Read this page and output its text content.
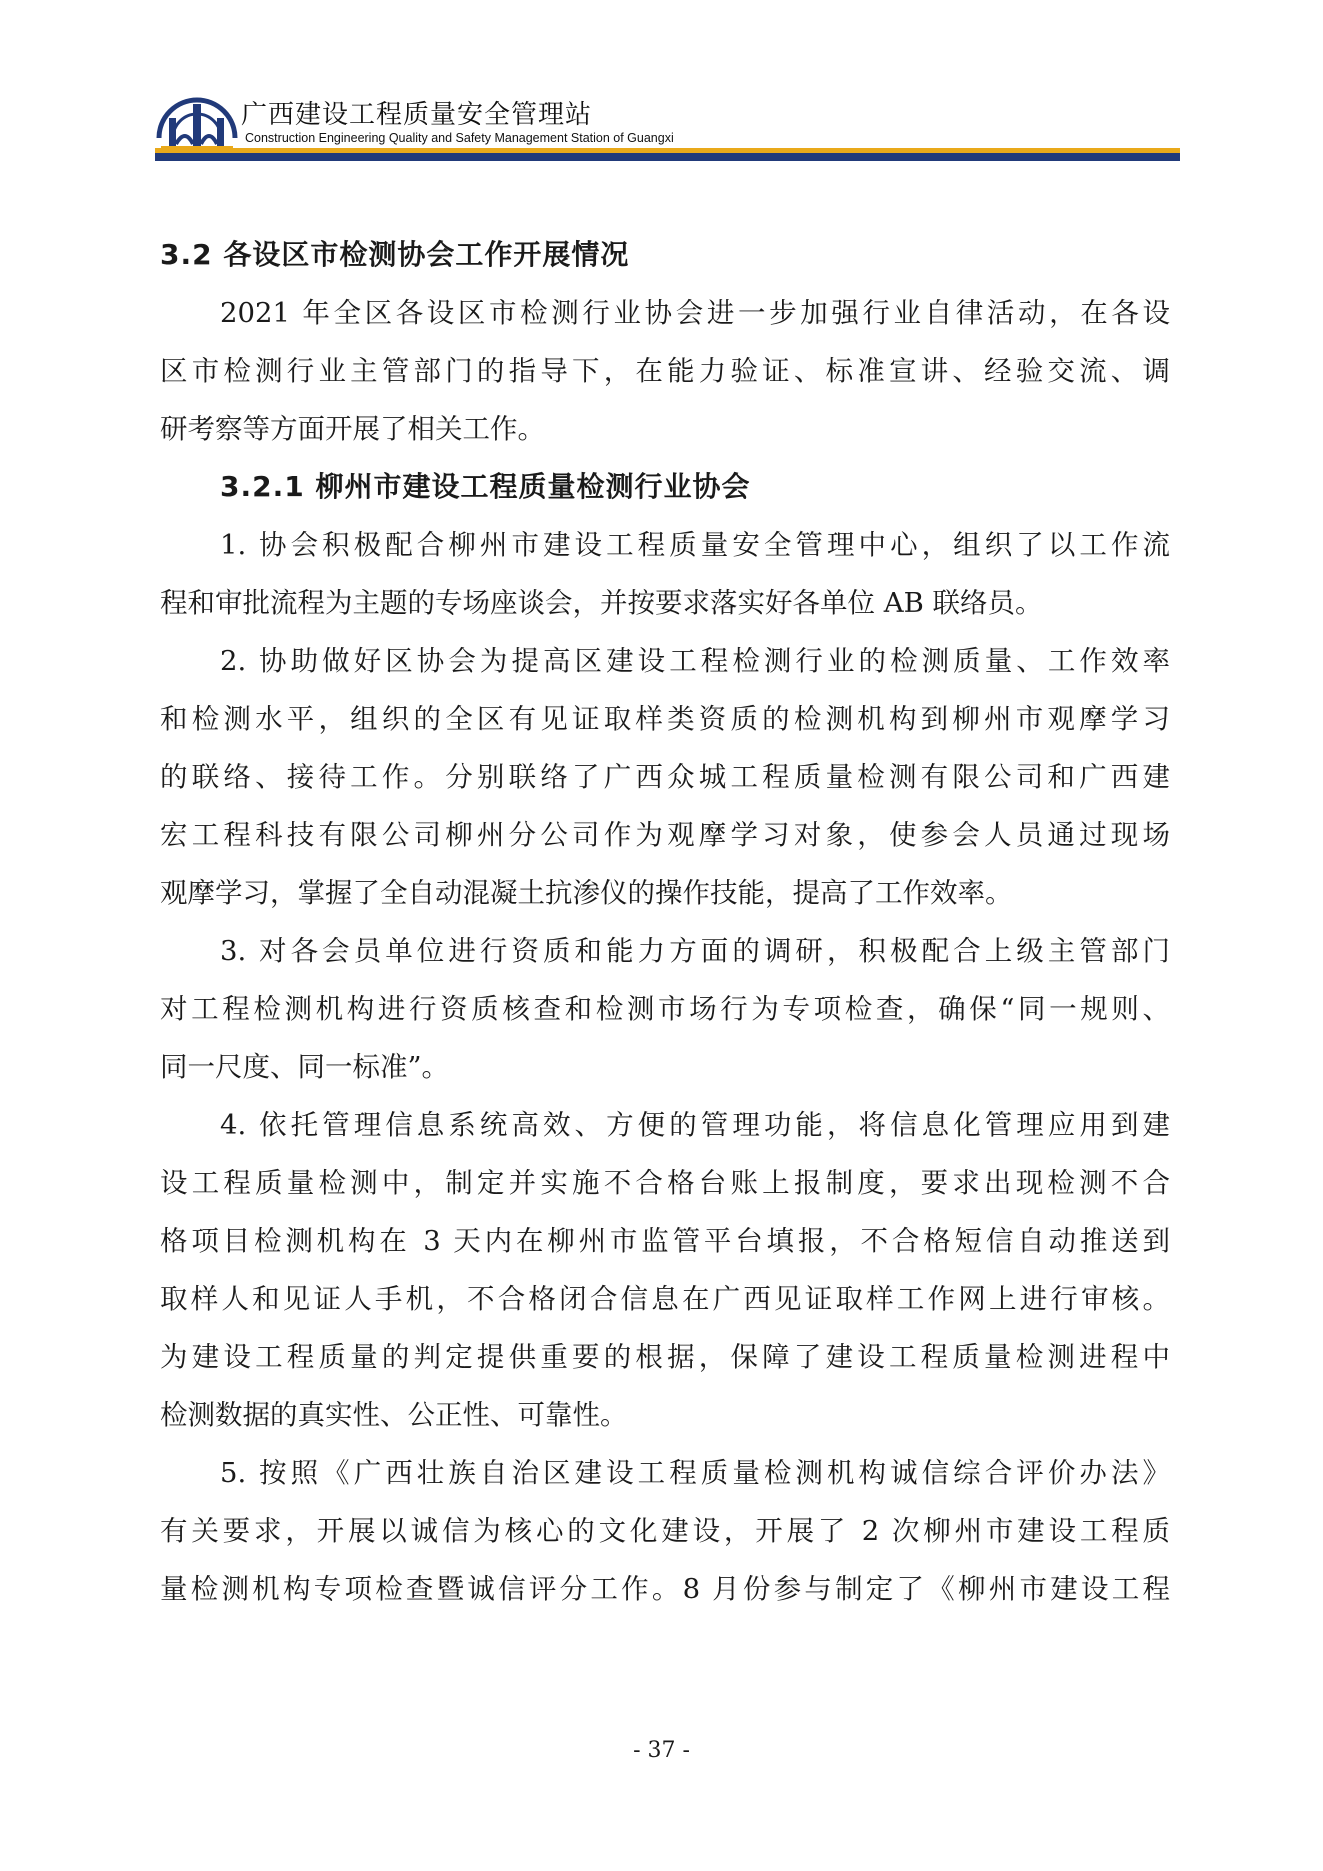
广西建设工程质量安全管理站
Construction Engineering Quality and Safety Management Station of Guangxi
3.2 各设区市检测协会工作开展情况
2021 年全区各设区市检测行业协会进一步加强行业自律活动，在各设
区市检测行业主管部门的指导下，在能力验证、标准宣讲、经验交流、调
研考察等方面开展了相关工作。
3.2.1 柳州市建设工程质量检测行业协会
1. 协会积极配合柳州市建设工程质量安全管理中心，组织了以工作流
程和审批流程为主题的专场座谈会，并按要求落实好各单位 AB 联络员。
2. 协助做好区协会为提高区建设工程检测行业的检测质量、工作效率
和检测水平，组织的全区有见证取样类资质的检测机构到柳州市观摩学习
的联络、接待工作。分别联络了广西众城工程质量检测有限公司和广西建
宏工程科技有限公司柳州分公司作为观摩学习对象，使参会人员通过现场
观摩学习，掌握了全自动混凝土抗渗仪的操作技能，提高了工作效率。
3. 对各会员单位进行资质和能力方面的调研，积极配合上级主管部门
对工程检测机构进行资质核查和检测市场行为专项检查，确保“同一规则、
同一尺度、同一标准”。
4. 依托管理信息系统高效、方便的管理功能，将信息化管理应用到建
设工程质量检测中，制定并实施不合格台账上报制度，要求出现检测不合
格项目检测机构在 3 天内在柳州市监管平台填报，不合格短信自动推送到
取样人和见证人手机，不合格闭合信息在广西见证取样工作网上进行审核。
为建设工程质量的判定提供重要的根据，保障了建设工程质量检测进程中
检测数据的真实性、公正性、可靠性。
5. 按照《广西壮族自治区建设工程质量检测机构诚信综合评价办法》
有关要求，开展以诚信为核心的文化建设，开展了 2 次柳州市建设工程质
量检测机构专项检查暨诚信评分工作。8 月份参与制定了《柳州市建设工程
- 37 -
